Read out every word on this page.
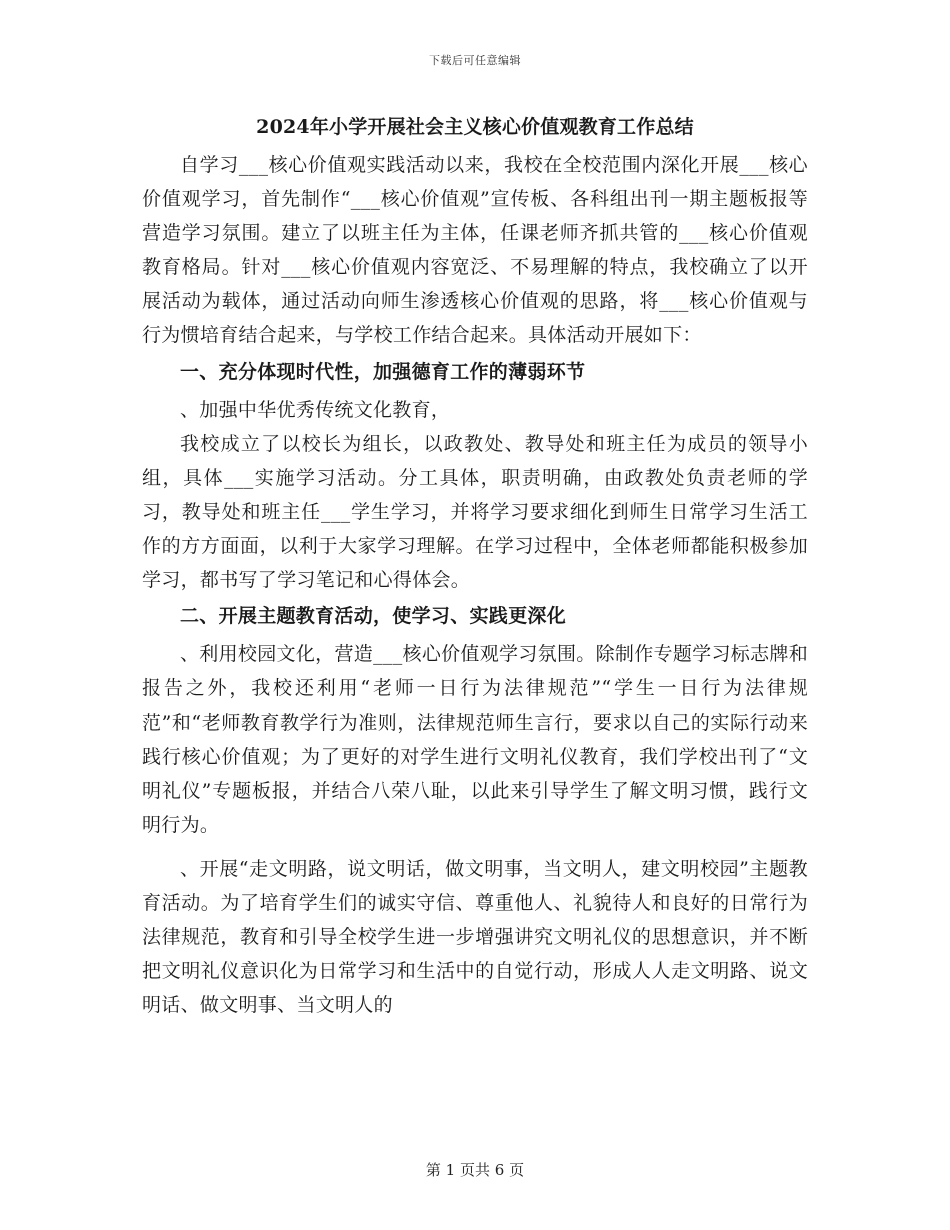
下载后可任意编辑
2024年小学开展社会主义核心价值观教育工作总结

自学习___核心价值观实践活动以来，我校在全校范围内深化开展___核心价值观学习，首先制作“___核心价值观”宣传板、各科组出刊一期主题板报等营造学习氛围。建立了以班主任为主体，任课老师齐抓共管的___核心价值观教育格局。针对___核心价值观内容宽泛、不易理解的特点，我校确立了以开展活动为载体，通过活动向师生渗透核心价值观的思路，将___核心价值观与行为惯培育结合起来，与学校工作结合起来。具体活动开展如下：

一、充分体现时代性，加强德育工作的薄弱环节

、加强中华优秀传统文化教育，

我校成立了以校长为组长，以政教处、教导处和班主任为成员的领导小组，具体___实施学习活动。分工具体，职责明确，由政教处负责老师的学习，教导处和班主任___学生学习，并将学习要求细化到师生日常学习生活工作的方方面面，以利于大家学习理解。在学习过程中，全体老师都能积极参加学习，都书写了学习笔记和心得体会。

二、开展主题教育活动，使学习、实践更深化

、利用校园文化，营造___核心价值观学习氛围。除制作专题学习标志牌和报告之外，我校还利用“老师一日行为法律规范”“学生一日行为法律规范”和“老师教育教学行为准则，法律规范师生言行，要求以自己的实际行动来践行核心价值观；为了更好的对学生进行文明礼仪教育，我们学校出刊了“文明礼仪”专题板报，并结合八荣八耻，以此来引导学生了解文明习惯，践行文明行为。

、开展“走文明路，说文明话，做文明事，当文明人，建文明校园”主题教育活动。为了培育学生们的诚实守信、尊重他人、礼貌待人和良好的日常行为法律规范，教育和引导全校学生进一步增强讲究文明礼仪的思想意识，并不断把文明礼仪意识化为日常学习和生活中的自觉行动，形成人人走文明路、说文明话、做文明事、当文明人的

第 1 页共 6 页
